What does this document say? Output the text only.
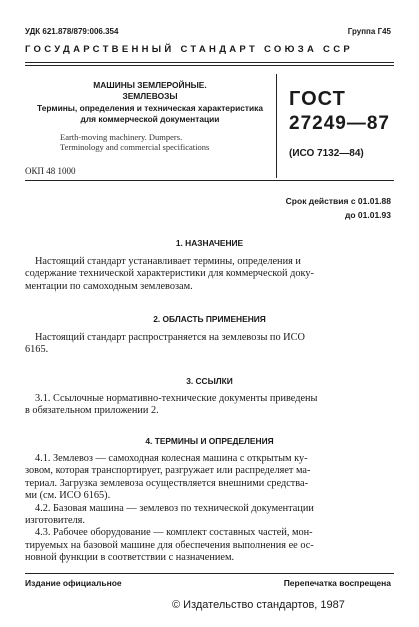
УДК 621.878/879:006.354	Группа Г45
ГОСУДАРСТВЕННЫЙ СТАНДАРТ СОЮЗА ССР
МАШИНЫ ЗЕМЛЕРОЙНЫЕ.
ЗЕМЛЕВОЗЫ
Термины, определения и техническая характеристика
для коммерческой документации
Earth-moving machinery. Dumpers.
Terminology and commercial specifications
ОКП 48 1000
ГОСТ
27249—87
(ИСО 7132—84)
Срок действия с 01.01.88
до 01.01.93
1. НАЗНАЧЕНИЕ
Настоящий стандарт устанавливает термины, определения и
содержание технической характеристики для коммерческой доку-
ментации по самоходным землевозам.
2. ОБЛАСТЬ ПРИМЕНЕНИЯ
Настоящий стандарт распространяется на землевозы по ИСО
6165.
3. ССЫЛКИ
3.1. Ссылочные нормативно-технические документы приведены
в обязательном приложении 2.
4. ТЕРМИНЫ И ОПРЕДЕЛЕНИЯ
4.1. Землевоз — самоходная колесная машина с открытым ку-
зовом, которая транспортирует, разгружает или распределяет ма-
териал. Загрузка землевоза осуществляется внешними средства-
ми (см. ИСО 6165).
4.2. Базовая машина — землевоз по технической документации
изготовителя.
4.3. Рабочее оборудование — комплект составных частей, мон-
тируемых на базовой машине для обеспечения выполнения ее ос-
новной функции в соответствии с назначением.
Издание официальное	Перепечатка воспрещена
© Издательство стандартов, 1987
